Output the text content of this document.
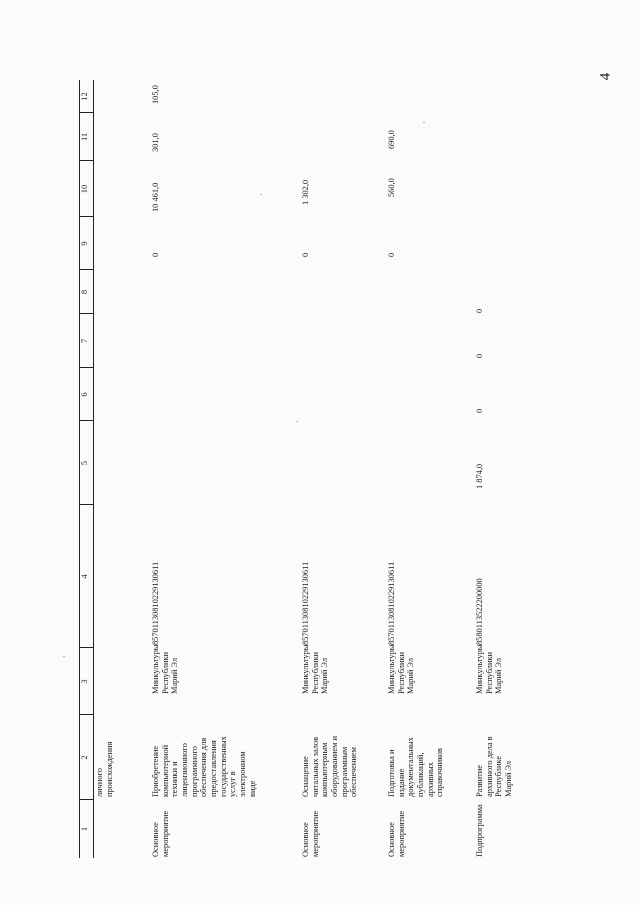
4
1
2
3
4
5
6
7
8
9
10
11
12
личного
происхождения
Основное
мероприятие
Приобретение
компьютерной
техники и
лицензионного
программного
обеспечения для
предоставления
государственных
услуг в
электронном
виде
Минкультуры
Республики
Марий Эл
857011308102291З0611
0
10 461,0
301,0
105,0
Основное
мероприятие
Оснащение
читальных залов
компьютерным
оборудованием и
программным
обеспечением
Минкультуры
Республики
Марий Эл
857011308102291З0611
0
1 302,0
Основное
мероприятие
Подготовка и
издание
документальных
публикаций,
архивных
справочников
Минкультуры
Республики
Марий Эл
857011308102291З0611
0
560,0
690,0
Подпрограмма
Развитие
архивного дела в
Республике
Марий Эл
Минкультуры
Республики
Марий Эл
858011З522200000
1 874,0
0
0
0
